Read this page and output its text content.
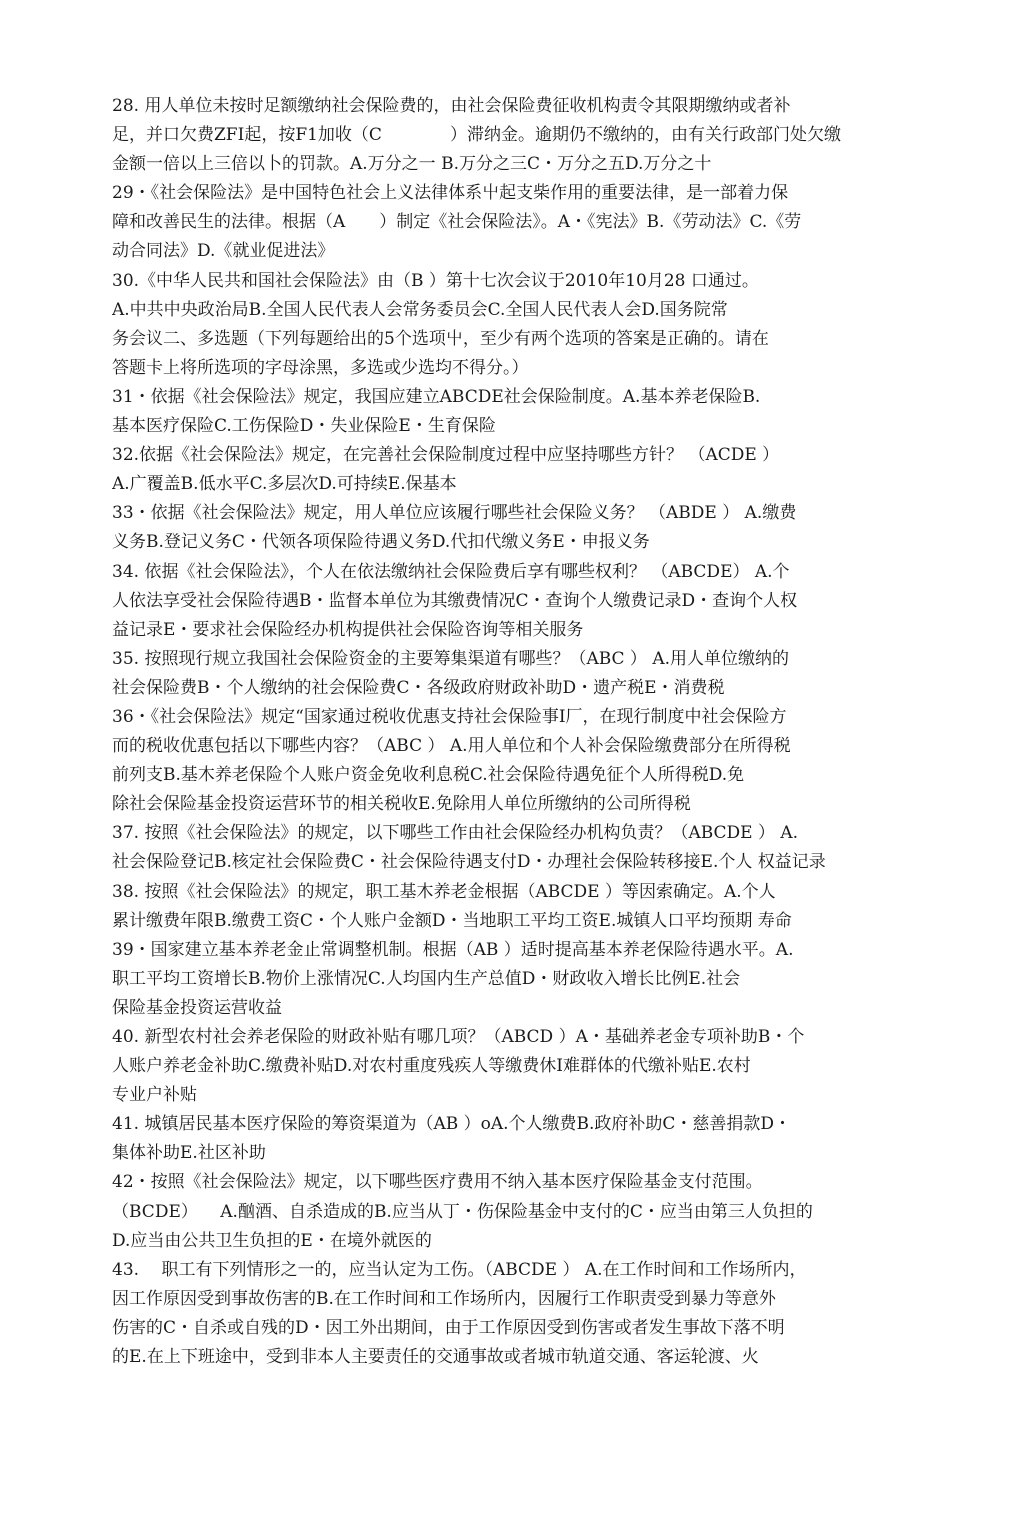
28. 用人单位未按时足额缴纳社会保险费的，由社会保险费征收机构责令其限期缴纳或者补
足，并口欠费ZFI起，按F1加收（C　　　　）滞纳金。逾期仍不缴纳的，由有关行政部门处欠缴
金额一倍以上三倍以卜的罚款。A.万分之一 B.万分之三C・万分之五D.万分之十
29・《社会保险法》是中国特色社会上义法律体系屮起支柴作用的重要法律，是一部着力保
障和改善民生的法律。根据（A　　）制定《社会保险法》。A・《宪法》B.《劳动法》C.《劳
动合同法》D.《就业促进法》
30.《中华人民共和国社会保险法》由（B ）第十七次会议于2010年10月28 口通过。
A.中共中央政治局B.全国人民代表人会常务委员会C.全国人民代表人会D.国务院常
务会议二、多选题（下列每题给出的5个选项屮，至少有两个选项的答案是正确的。请在
答题卡上将所选项的字母涂黑，多选或少选均不得分。）
31・依据《社会保险法》规定，我国应建立ABCDE社会保险制度。A.基本养老保险B.
基本医疗保险C.工伤保险D・失业保险E・生育保险
32.依据《社会保险法》规定，在完善社会保险制度过程中应坚持哪些方针？ （ACDE ）
A.广覆盖B.低水平C.多层次D.可持续E.保基本
33・依据《社会保险法》规定，用人单位应该履行哪些社会保险义务？ （ABDE ） A.缴费
义务B.登记义务C・代领各项保险待遇义务D.代扣代缴义务E・申报义务
34. 依据《社会保险法》，个人在依法缴纳社会保险费后享有哪些权利？ （ABCDE） A.个
人依法享受社会保险待遇B・监督本单位为其缴费情况C・查询个人缴费记录D・查询个人权
益记录E・要求社会保险经办机构提供社会保险咨询等相关服务
35. 按照现行规立我国社会保险资金的主要筹集渠道有哪些？（ABC ） A.用人单位缴纳的
社会保险费B・个人缴纳的社会保险费C・各级政府财政补助D・遗产税E・消费税
36・《社会保险法》规定“国家通过税收优惠支持社会保险事I厂，在现行制度中社会保险方
而的税收优惠包括以下哪些内容？（ABC ） A.用人单位和个人补会保险缴费部分在所得税
前列支B.基木养老保险个人账户资金免收利息税C.社会保险待遇免征个人所得税D.免
除社会保险基金投资运营环节的相关税收E.免除用人单位所缴纳的公司所得税
37. 按照《社会保险法》的规定，以下哪些工作由社会保险经办机构负责？（ABCDE ） A.
社会保险登记B.核定社会保险费C・社会保险待遇支付D・办理社会保险转移接E.个人 权益记录
38. 按照《社会保险法》的规定，职工基木养老金根据（ABCDE ）等因索确定。A.个人
累计缴费年限B.缴费工资C・个人账户金额D・当地职工平均工资E.城镇人口平均预期 寿命
39・国家建立基本养老金止常调整机制。根据（AB ）适时提高基本养老保险待遇水平。A.
职工平均工资增长B.物价上涨情况C.人均国内生产总值D・财政收入增长比例E.社会
保险基金投资运营收益
40. 新型农村社会养老保险的财政补贴有哪几项？（ABCD ）A・基础养老金专项补助B・个
人账户养老金补助C.缴费补贴D.对农村重度残疾人等缴费休I难群体的代缴补贴E.农村
专业户补贴
41. 城镇居民基本医疗保险的筹资渠道为（AB ）oA.个人缴费B.政府补助C・慈善捐款D・
集体补助E.社区补助
42・按照《社会保险法》规定，以下哪些医疗费用不纳入基本医疗保险基金支付范围。
（BCDE） 　A.酗酒、自杀造成的B.应当从丁・伤保险基金中支付的C・应当由第三人负担的
D.应当由公共卫生负担的E・在境外就医的
43. 　职工有下列情形之一的，应当认定为工伤。（ABCDE ） A.在工作时间和工作场所内，
因工作原因受到事故伤害的B.在工作时间和工作场所内，因履行工作职责受到暴力等意外
伤害的C・自杀或自残的D・因工外出期间，由于工作原因受到伤害或者发生事故下落不明
的E.在上下班途中，受到非本人主要责任的交通事故或者城市轨道交通、客运轮渡、火
